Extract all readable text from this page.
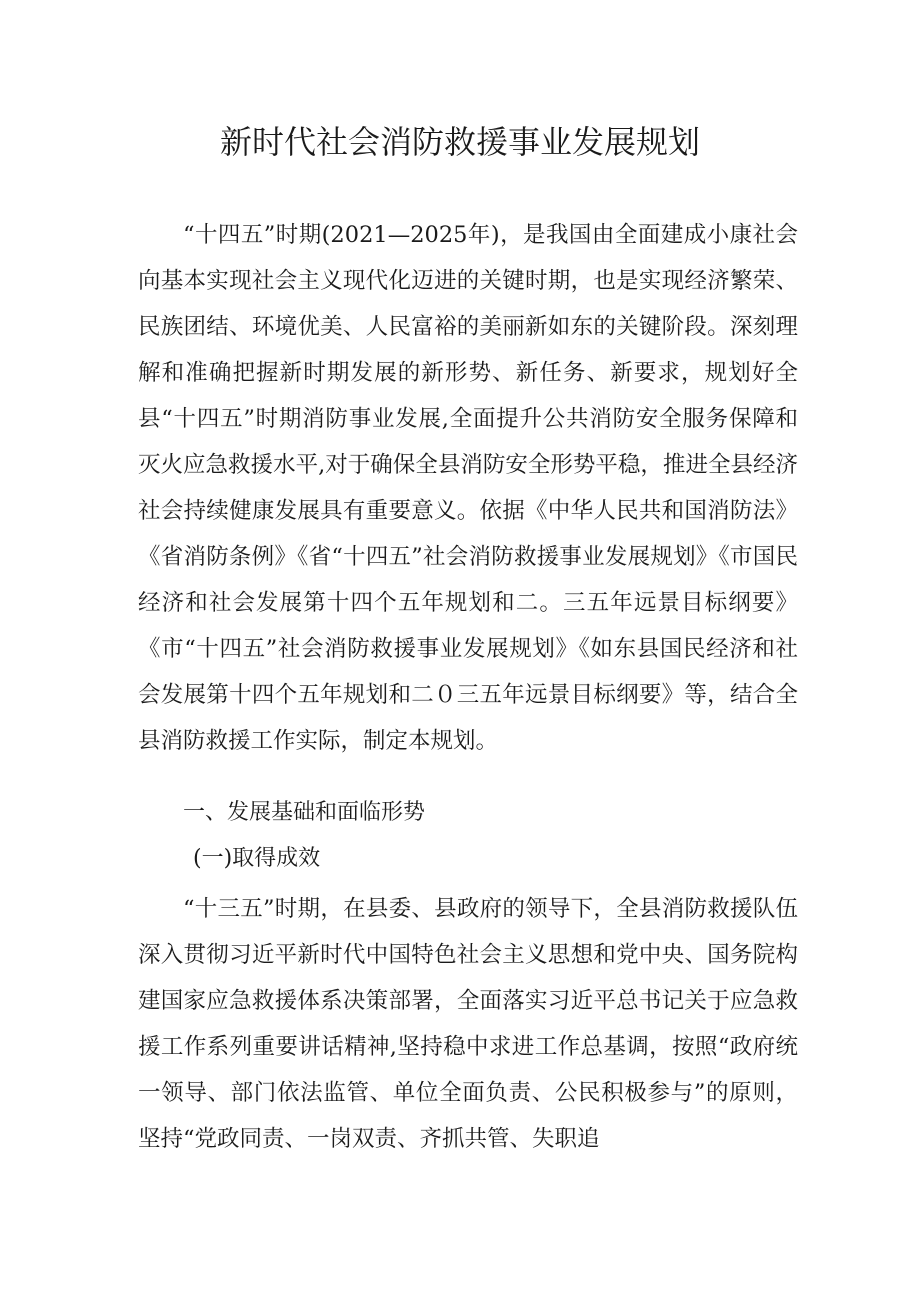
新时代社会消防救援事业发展规划

“十四五”时期(2021—2025年)，是我国由全面建成小康社会向基本实现社会主义现代化迈进的关键时期，也是实现经济繁荣、民族团结、环境优美、人民富裕的美丽新如东的关键阶段。深刻理解和准确把握新时期发展的新形势、新任务、新要求，规划好全县“十四五”时期消防事业发展,全面提升公共消防安全服务保障和灭火应急救援水平,对于确保全县消防安全形势平稳，推进全县经济社会持续健康发展具有重要意义。依据《中华人民共和国消防法》《省消防条例》《省“十四五”社会消防救援事业发展规划》《市国民经济和社会发展第十四个五年规划和二。三五年远景目标纲要》《市“十四五”社会消防救援事业发展规划》《如东县国民经济和社会发展第十四个五年规划和二０三五年远景目标纲要》等，结合全县消防救援工作实际，制定本规划。

一、发展基础和面临形势

(一)取得成效

“十三五”时期，在县委、县政府的领导下，全县消防救援队伍深入贯彻习近平新时代中国特色社会主义思想和党中央、国务院构建国家应急救援体系决策部署，全面落实习近平总书记关于应急救援工作系列重要讲话精神,坚持稳中求进工作总基调，按照“政府统一领导、部门依法监管、单位全面负责、公民积极参与”的原则，坚持“党政同责、一岗双责、齐抓共管、失职追
